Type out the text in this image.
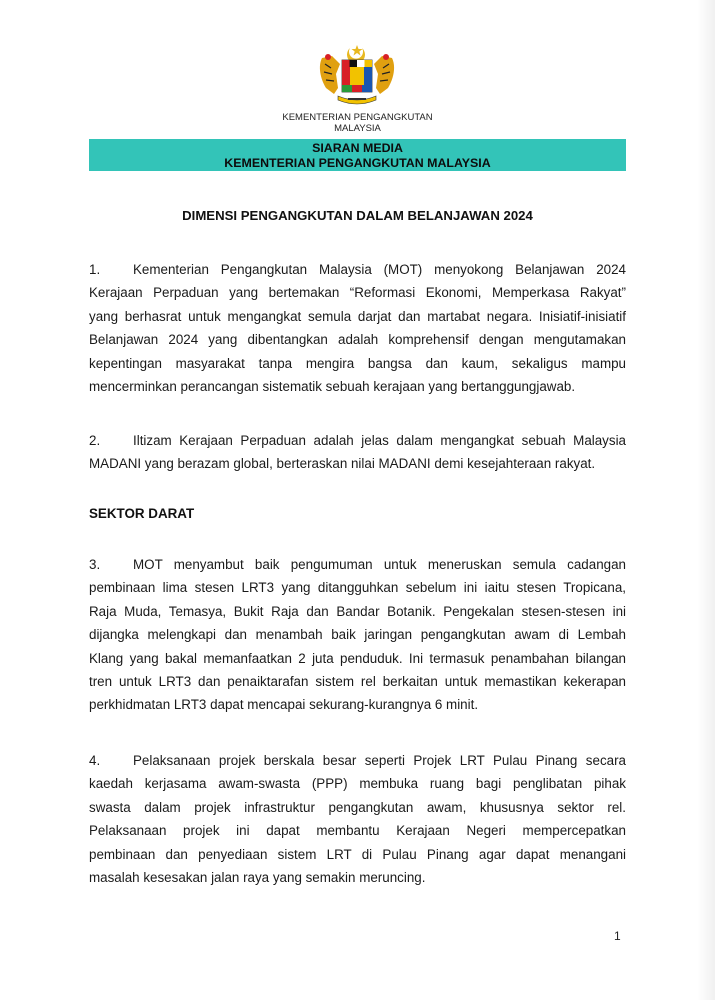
KEMENTERIAN PENGANGKUTAN
MALAYSIA
SIARAN MEDIA
KEMENTERIAN PENGANGKUTAN MALAYSIA
DIMENSI PENGANGKUTAN DALAM BELANJAWAN 2024
1. Kementerian Pengangkutan Malaysia (MOT) menyokong Belanjawan 2024
Kerajaan Perpaduan yang bertemakan “Reformasi Ekonomi, Memperkasa Rakyat”
yang berhasrat untuk mengangkat semula darjat dan martabat negara. Inisiatif-inisiatif
Belanjawan 2024 yang dibentangkan adalah komprehensif dengan mengutamakan
kepentingan masyarakat tanpa mengira bangsa dan kaum, sekaligus mampu
mencerminkan perancangan sistematik sebuah kerajaan yang bertanggungjawab.
2. Iltizam Kerajaan Perpaduan adalah jelas dalam mengangkat sebuah Malaysia
MADANI yang berazam global, berteraskan nilai MADANI demi kesejahteraan rakyat.
SEKTOR DARAT
3. MOT menyambut baik pengumuman untuk meneruskan semula cadangan
pembinaan lima stesen LRT3 yang ditangguhkan sebelum ini iaitu stesen Tropicana,
Raja Muda, Temasya, Bukit Raja dan Bandar Botanik. Pengekalan stesen-stesen ini
dijangka melengkapi dan menambah baik jaringan pengangkutan awam di Lembah
Klang yang bakal memanfaatkan 2 juta penduduk. Ini termasuk penambahan bilangan
tren untuk LRT3 dan penaiktarafan sistem rel berkaitan untuk memastikan kekerapan
perkhidmatan LRT3 dapat mencapai sekurang-kurangnya 6 minit.
4. Pelaksanaan projek berskala besar seperti Projek LRT Pulau Pinang secara
kaedah kerjasama awam-swasta (PPP) membuka ruang bagi penglibatan pihak
swasta dalam projek infrastruktur pengangkutan awam, khususnya sektor rel.
Pelaksanaan projek ini dapat membantu Kerajaan Negeri mempercepatkan
pembinaan dan penyediaan sistem LRT di Pulau Pinang agar dapat menangani
masalah kesesakan jalan raya yang semakin meruncing.
1
